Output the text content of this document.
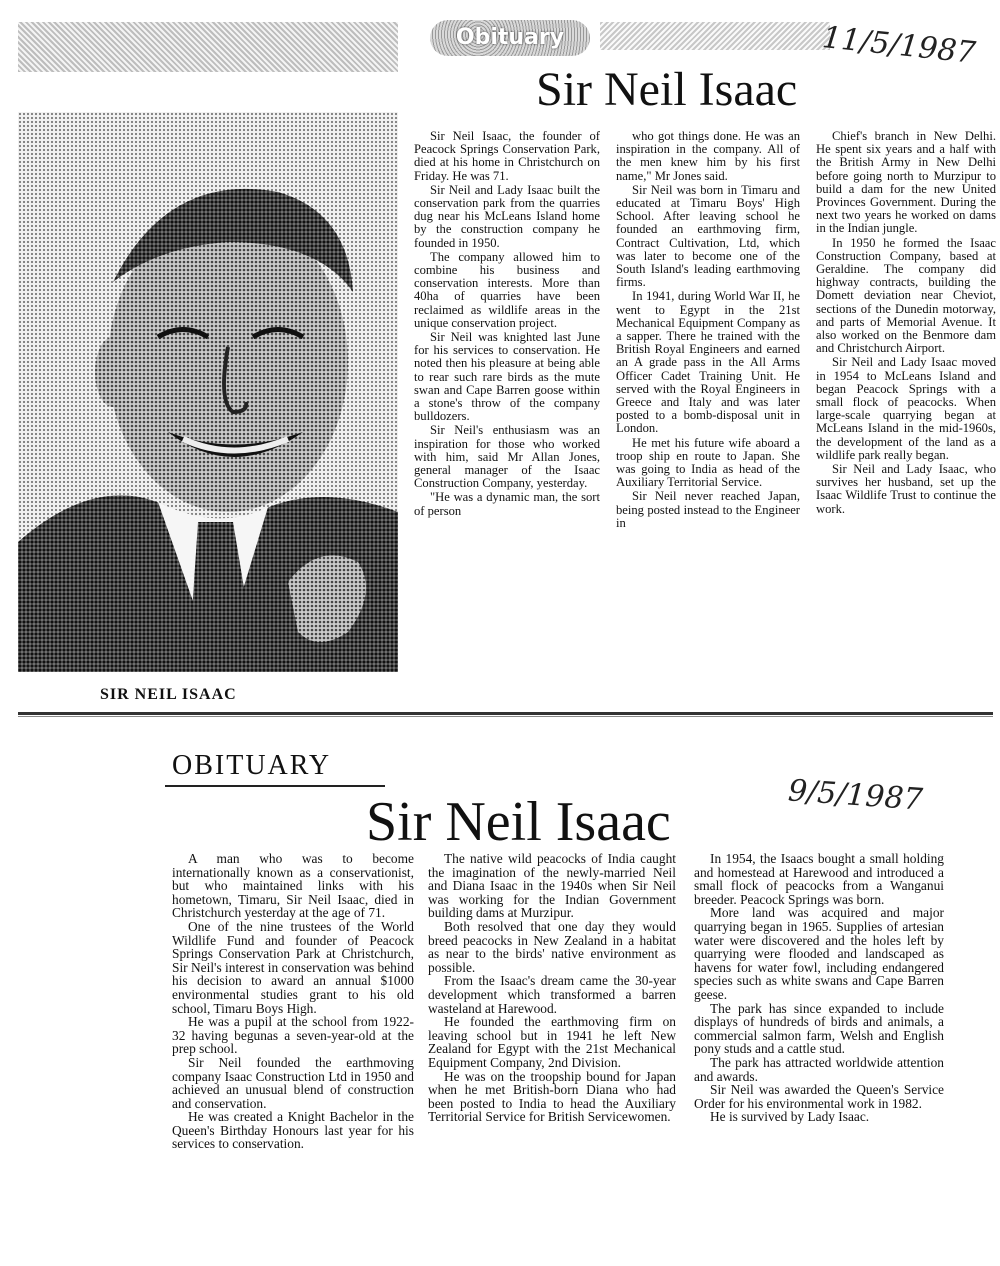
Obituary	11/5/1987
Sir Neil Isaac
SIR NEIL ISAAC

Sir Neil Isaac, the founder of Peacock Springs Conservation Park, died at his home in Christchurch on Friday. He was 71.

Sir Neil and Lady Isaac built the conservation park from the quarries dug near his McLeans Island home by the construction company he founded in 1950.

The company allowed him to combine his business and conservation interests. More than 40ha of quarries have been reclaimed as wildlife areas in the unique conservation project.

Sir Neil was knighted last June for his services to conservation. He noted then his pleasure at being able to rear such rare birds as the mute swan and Cape Barren goose within a stone's throw of the company bulldozers.

Sir Neil's enthusiasm was an inspiration for those who worked with him, said Mr Allan Jones, general manager of the Isaac Construction Company, yesterday.

"He was a dynamic man, the sort of person

who got things done. He was an inspiration in the company. All of the men knew him by his first name," Mr Jones said.

Sir Neil was born in Timaru and educated at Timaru Boys' High School. After leaving school he founded an earthmoving firm, Contract Cultivation, Ltd, which was later to become one of the South Island's leading earthmoving firms.

In 1941, during World War II, he went to Egypt in the 21st Mechanical Equipment Company as a sapper. There he trained with the British Royal Engineers and earned an A grade pass in the All Arms Officer Cadet Training Unit. He served with the Royal Engineers in Greece and Italy and was later posted to a bomb-disposal unit in London.

He met his future wife aboard a troop ship en route to Japan. She was going to India as head of the Auxiliary Territorial Service.

Sir Neil never reached Japan, being posted instead to the Engineer in

Chief's branch in New Delhi. He spent six years and a half with the British Army in New Delhi before going north to Murzipur to build a dam for the new United Provinces Government. During the next two years he worked on dams in the Indian jungle.

In 1950 he formed the Isaac Construction Company, based at Geraldine. The company did highway contracts, building the Domett deviation near Cheviot, sections of the Dunedin motorway, and parts of Memorial Avenue. It also worked on the Benmore dam and Christchurch Airport.

Sir Neil and Lady Isaac moved in 1954 to McLeans Island and began Peacock Springs with a small flock of peacocks. When large-scale quarrying began at McLeans Island in the mid-1960s, the development of the land as a wildlife park really began.

Sir Neil and Lady Isaac, who survives her husband, set up the Isaac Wildlife Trust to continue the work.

OBITUARY
9/5/1987
Sir Neil Isaac

A man who was to become internationally known as a conservationist, but who maintained links with his hometown, Timaru, Sir Neil Isaac, died in Christchurch yesterday at the age of 71.

One of the nine trustees of the World Wildlife Fund and founder of Peacock Springs Conservation Park at Christchurch, Sir Neil's interest in conservation was behind his decision to award an annual $1000 environmental studies grant to his old school, Timaru Boys High.

He was a pupil at the school from 1922-32 having begunas a seven-year-old at the prep school.

Sir Neil founded the earthmoving company Isaac Construction Ltd in 1950 and achieved an unusual blend of construction and conservation.

He was created a Knight Bachelor in the Queen's Birthday Honours last year for his services to conservation.

The native wild peacocks of India caught the imagination of the newly-married Neil and Diana Isaac in the 1940s when Sir Neil was working for the Indian Government building dams at Murzipur.

Both resolved that one day they would breed peacocks in New Zealand in a habitat as near to the birds' native environment as possible.

From the Isaac's dream came the 30-year development which transformed a barren wasteland at Harewood.

He founded the earthmoving firm on leaving school but in 1941 he left New Zealand for Egypt with the 21st Mechanical Equipment Company, 2nd Division.

He was on the troopship bound for Japan when he met British-born Diana who had been posted to India to head the Auxiliary Territorial Service for British Servicewomen.

In 1954, the Isaacs bought a small holding and homestead at Harewood and introduced a small flock of peacocks from a Wanganui breeder. Peacock Springs was born.

More land was acquired and major quarrying began in 1965. Supplies of artesian water were discovered and the holes left by quarrying were flooded and landscaped as havens for water fowl, including endangered species such as white swans and Cape Barren geese.

The park has since expanded to include displays of hundreds of birds and animals, a commercial salmon farm, Welsh and English pony studs and a cattle stud.

The park has attracted worldwide attention and awards.

Sir Neil was awarded the Queen's Service Order for his environmental work in 1982.

He is survived by Lady Isaac.
